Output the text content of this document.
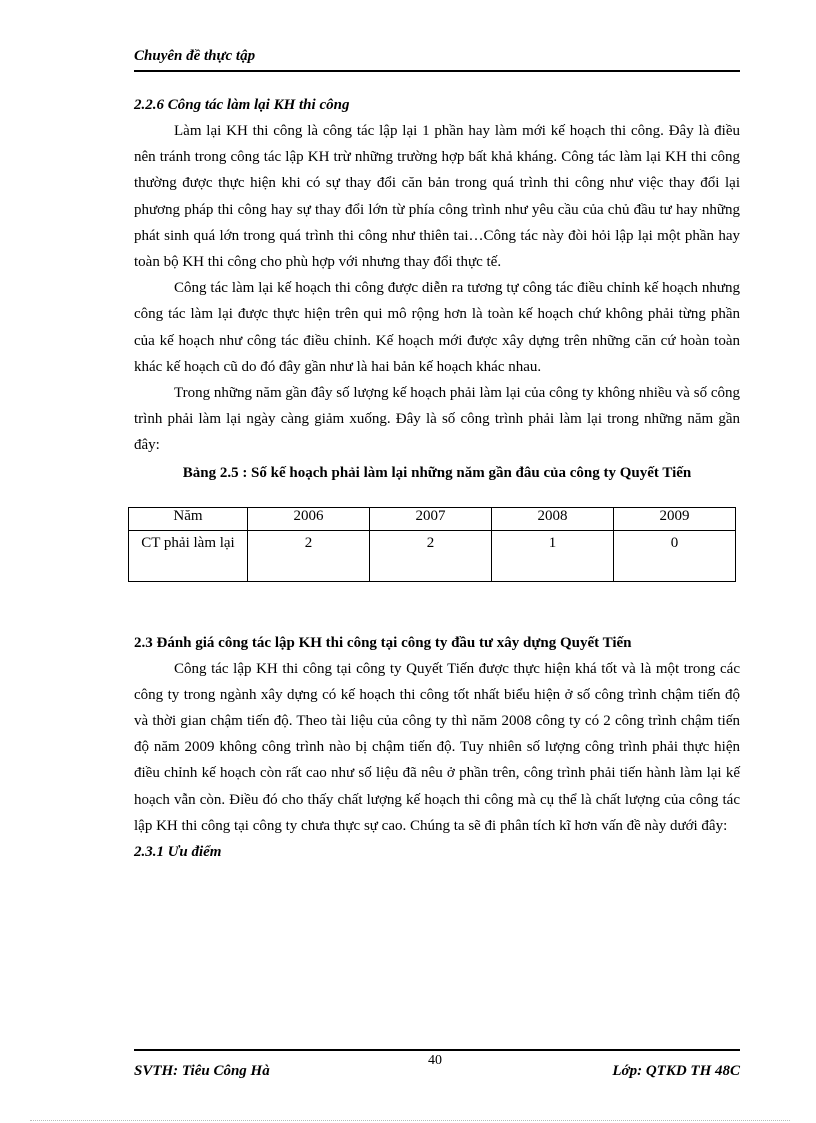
Chuyên đề thực tập
2.2.6 Công tác làm lại KH thi công

Làm lại KH thi công là công tác lập lại 1 phần hay làm mới kế hoạch thi công. Đây là điều nên tránh trong công tác lập KH trừ những trường hợp bất khả kháng. Công tác làm lại KH thi công thường được thực hiện khi có sự thay đổi căn bản trong quá trình thi công như việc thay đổi lại phương pháp thi công hay sự thay đổi lớn từ phía công trình như yêu cầu của chủ đầu tư hay những phát sinh quá lớn trong quá trình thi công như thiên tai…Công tác này đòi hỏi lập lại một phần hay toàn bộ KH thi công cho phù hợp với nhưng thay đổi thực tế.

Công tác làm lại kế hoạch thi công được diễn ra tương tự công tác điều chỉnh kế hoạch nhưng công tác làm lại được thực hiện trên qui mô rộng hơn là toàn kế hoạch chứ không phải từng phần của kế hoạch như công tác điều chỉnh. Kế hoạch mới được xây dựng trên những căn cứ hoàn toàn khác kế hoạch cũ do đó đây gần như là hai bản kế hoạch khác nhau.

Trong những năm gần đây số lượng kế hoạch phải làm lại của công ty không nhiều và số công trình phải làm lại ngày càng giảm xuống. Đây là số công trình phải làm lại trong những năm gần đây:

Bảng 2.5 : Số kế hoạch phải làm lại những năm gần đâu của công ty Quyết Tiến

Năm	2006	2007	2008	2009
CT phải làm lại	2	2	1	0
2.3 Đánh giá công tác lập KH thi công tại công ty đầu tư xây dựng Quyết Tiến

Công tác lập KH thi công tại công ty Quyết Tiến được thực hiện khá tốt và là một trong các công ty trong ngành xây dựng có kế hoạch thi công tốt nhất biểu hiện ở số công trình chậm tiến độ và thời gian chậm tiến độ. Theo tài liệu của công ty thì năm 2008 công ty có 2 công trình chậm tiến độ năm 2009 không công trình nào bị chậm tiến độ. Tuy nhiên số lượng công trình phải thực hiện điều chỉnh kế hoạch còn rất cao như số liệu đã nêu ở phần trên, công trình phải tiến hành làm lại kế hoạch vẫn còn. Điều đó cho thấy chất lượng kế hoạch thi công mà cụ thể là chất lượng của công tác lập KH thi công tại công ty chưa thực sự cao. Chúng ta sẽ đi phân tích kĩ hơn vấn đề này dưới đây:

2.3.1 Ưu điểm
SVTH: Tiêu Công Hà
40
Lớp: QTKD TH 48C
